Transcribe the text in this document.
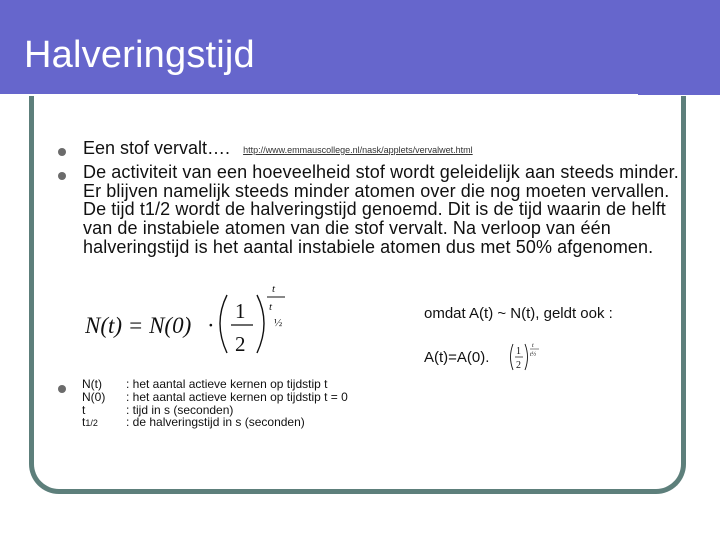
Halveringstijd
Een stof vervalt…. http://www.emmauscollege.nl/nask/applets/vervalwet.html
De activiteit van een hoeveelheid stof wordt geleidelijk aan steeds minder. Er blijven namelijk steeds minder atomen over die nog moeten vervallen. De tijd t1/2 wordt de halveringstijd genoemd. Dit is de tijd waarin de helft van de instabiele atomen van die stof vervalt. Na verloop van één halveringstijd is het aantal instabiele atomen dus met 50% afgenomen.
omdat A(t) ~ N(t), geldt ook :
A(t)=A(0).
N(t) = N(0) ·
1
2
t
t
½
1
2
t
t½
N(t)	: het aantal actieve kernen op tijdstip t
N(0)	: het aantal actieve kernen op tijdstip t = 0
t	: tijd in s (seconden)
t1/2	: de halveringstijd in s (seconden)
